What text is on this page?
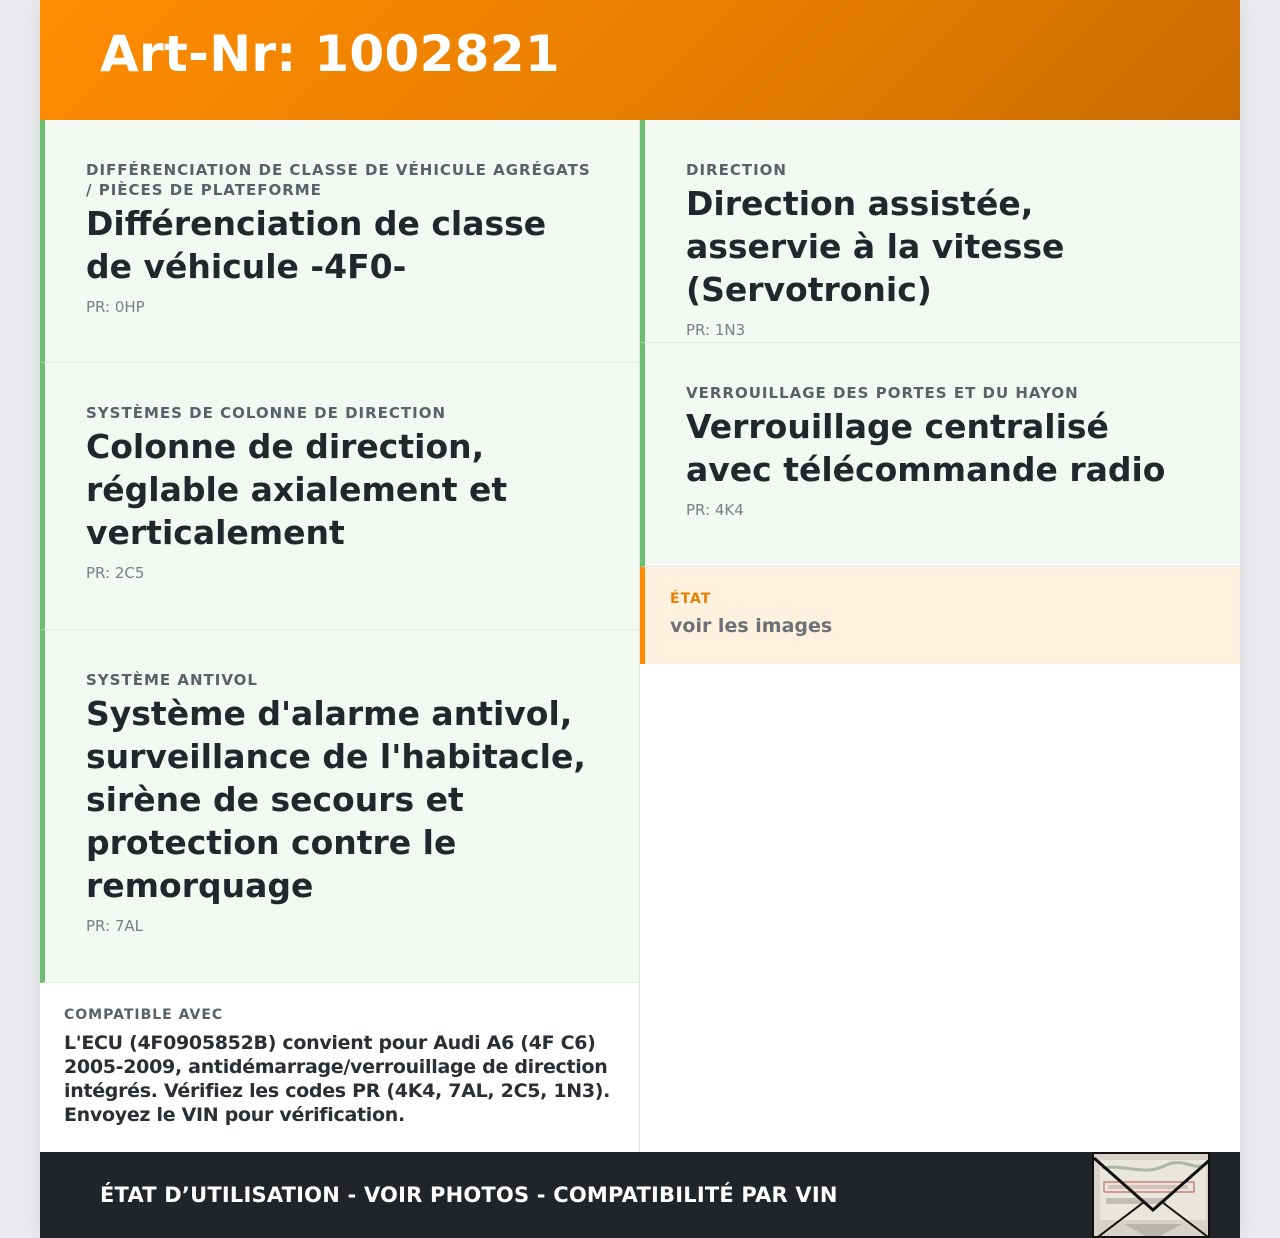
Art-Nr: 1002821
DIFFÉRENCIATION DE CLASSE DE VÉHICULE AGRÉGATS / PIÈCES DE PLATEFORME
Différenciation de classe de véhicule -4F0-
PR: 0HP
SYSTÈMES DE COLONNE DE DIRECTION
Colonne de direction, réglable axialement et verticalement
PR: 2C5
SYSTÈME ANTIVOL
Système d'alarme antivol, surveillance de l'habitacle, sirène de secours et protection contre le remorquage
PR: 7AL
COMPATIBLE AVEC
L'ECU (4F0905852B) convient pour Audi A6 (4F C6) 2005-2009, antidémarrage/verrouillage de direction intégrés. Vérifiez les codes PR (4K4, 7AL, 2C5, 1N3). Envoyez le VIN pour vérification.
DIRECTION
Direction assistée, asservie à la vitesse (Servotronic)
PR: 1N3
VERROUILLAGE DES PORTES ET DU HAYON
Verrouillage centralisé avec télécommande radio
PR: 4K4
ÉTAT
voir les images
ÉTAT D’UTILISATION - VOIR PHOTOS - COMPATIBILITÉ PAR VIN
